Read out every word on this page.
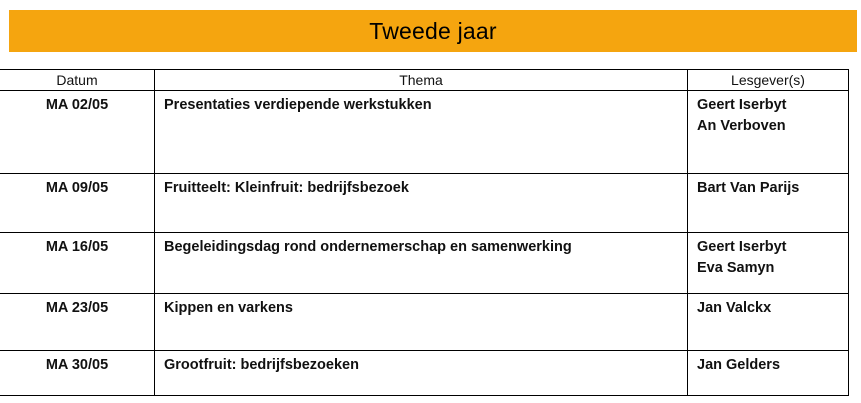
Tweede jaar
Datum	Thema	Lesgever(s)
MA 02/05	Presentaties verdiepende werkstukken	Geert Iserbyt
An Verboven

MA 09/05	Fruitteelt: Kleinfruit: bedrijfsbezoek	Bart Van Parijs

MA 16/05	Begeleidingsdag rond ondernemerschap en samenwerking	Geert Iserbyt
Eva Samyn

MA 23/05	Kippen en varkens	Jan Valckx

MA 30/05	Grootfruit: bedrijfsbezoeken	Jan Gelders
